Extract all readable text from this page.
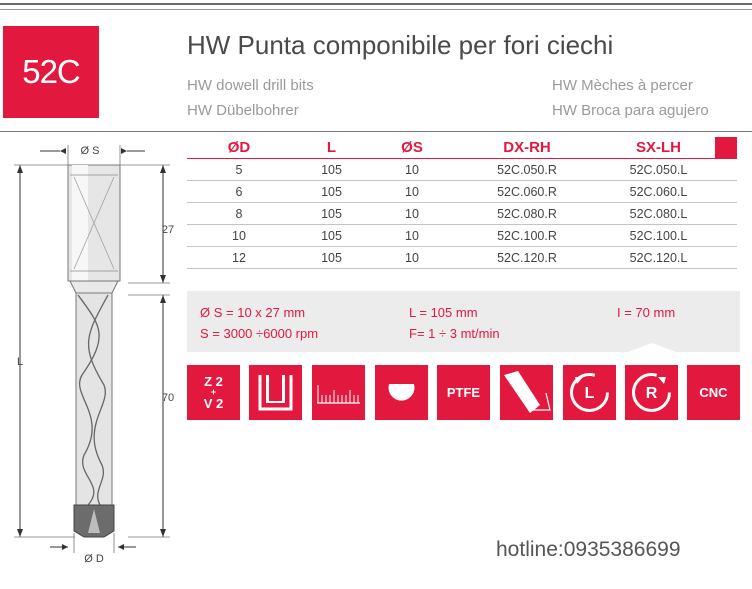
52C
HW Punta componibile per fori ciechi
HW dowell drill bits
HW Dübelbohrer
HW Mèches à percer
HW Broca para agujero
ØD	L	ØS	DX-RH	SX-LH
5	105	10	52C.050.R	52C.050.L
6	105	10	52C.060.R	52C.060.L
8	105	10	52C.080.R	52C.080.L
10	105	10	52C.100.R	52C.100.L
12	105	10	52C.120.R	52C.120.L
Ø S = 10 x 27 mm	L = 105 mm	I = 70 mm
S = 3000 ÷6000 rpm	F= 1 ÷ 3 mt/min
Z 2
+
V 2
PTFE	L	R	CNC
Ø S
L
27
70
Ø D	hotline:0935386699
